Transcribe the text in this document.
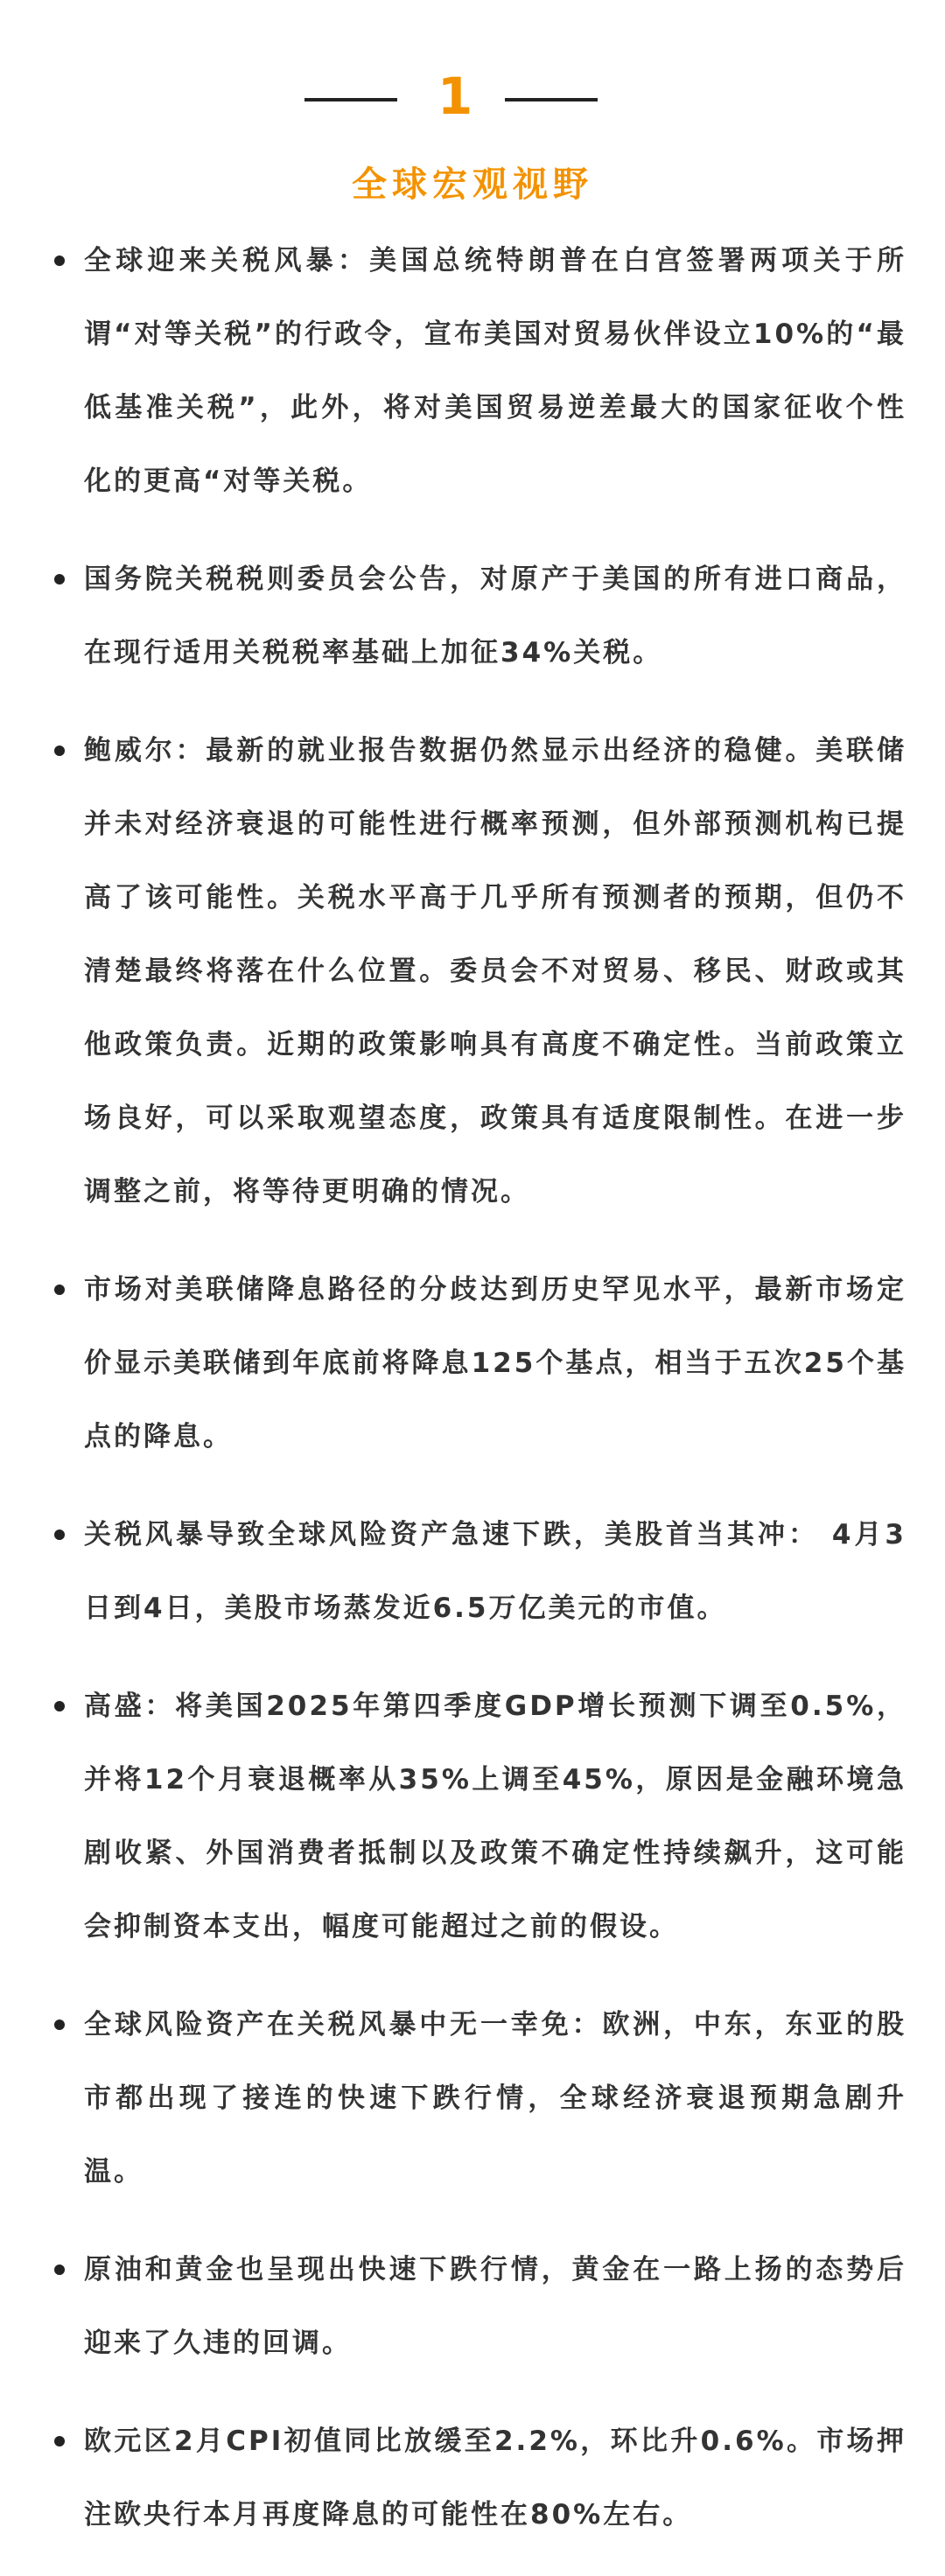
1
全球宏观视野
全球迎来关税风暴：美国总统特朗普在白宫签署两项关于所谓“对等关税”的行政令，宣布美国对贸易伙伴设立10%的“最低基准关税”，此外，将对美国贸易逆差最大的国家征收个性化的更高“对等关税。
国务院关税税则委员会公告，对原产于美国的所有进口商品，在现行适用关税税率基础上加征34%关税。
鲍威尔：最新的就业报告数据仍然显示出经济的稳健。美联储并未对经济衰退的可能性进行概率预测，但外部预测机构已提高了该可能性。关税水平高于几乎所有预测者的预期，但仍不清楚最终将落在什么位置。委员会不对贸易、移民、财政或其他政策负责。近期的政策影响具有高度不确定性。当前政策立场良好，可以采取观望态度，政策具有适度限制性。在进一步调整之前，将等待更明确的情况。
市场对美联储降息路径的分歧达到历史罕见水平，最新市场定价显示美联储到年底前将降息125个基点，相当于五次25个基点的降息。
关税风暴导致全球风险资产急速下跌，美股首当其冲： 4月3日到4日，美股市场蒸发近6.5万亿美元的市值。
高盛：将美国2025年第四季度GDP增长预测下调至0.5%，并将12个月衰退概率从35%上调至45%，原因是金融环境急剧收紧、外国消费者抵制以及政策不确定性持续飙升，这可能会抑制资本支出，幅度可能超过之前的假设。
全球风险资产在关税风暴中无一幸免：欧洲，中东，东亚的股市都出现了接连的快速下跌行情，全球经济衰退预期急剧升温。
原油和黄金也呈现出快速下跌行情，黄金在一路上扬的态势后迎来了久违的回调。
欧元区2月CPI初值同比放缓至2.2%，环比升0.6%。市场押注欧央行本月再度降息的可能性在80%左右。
